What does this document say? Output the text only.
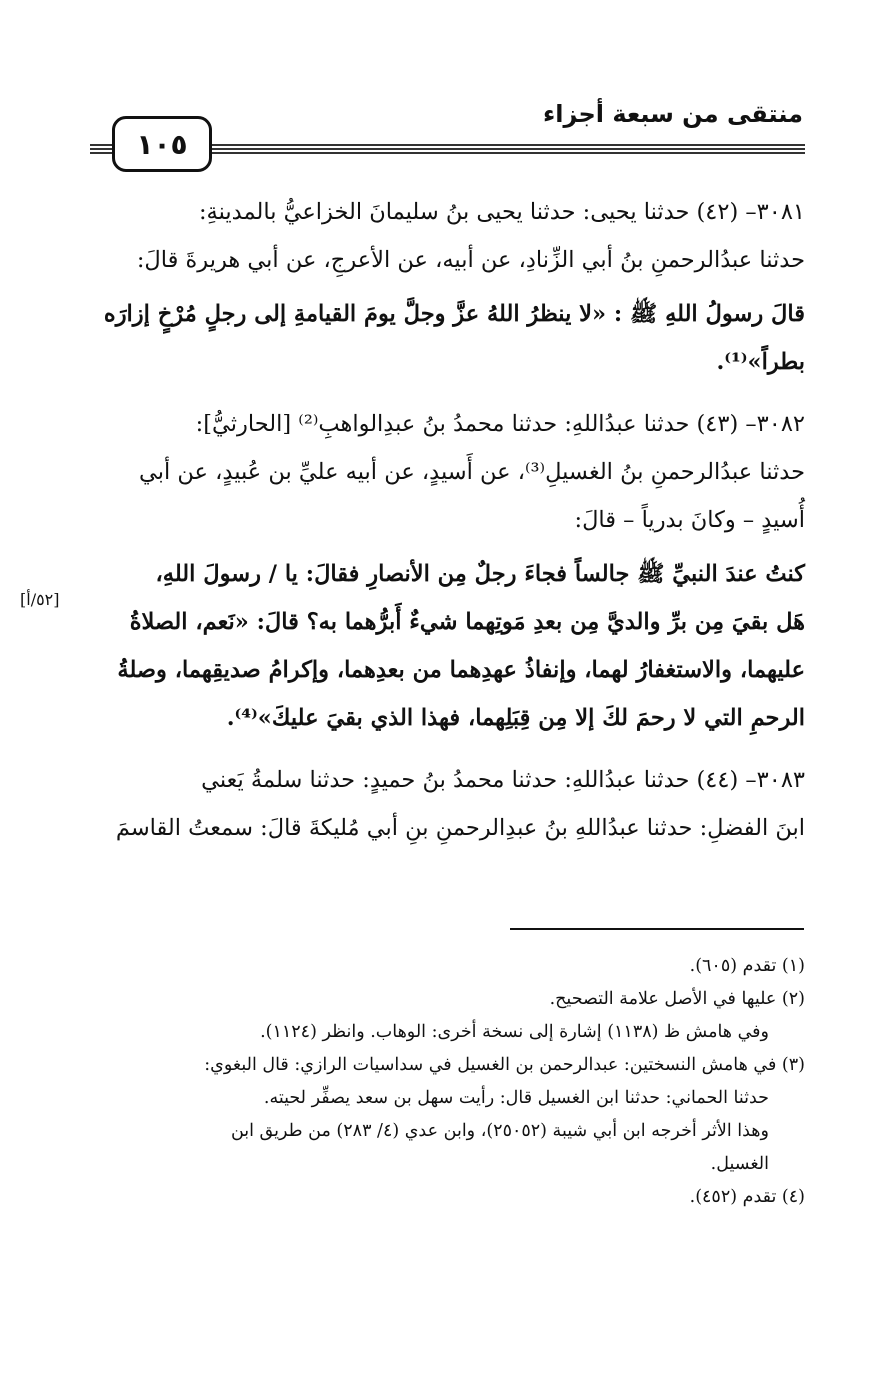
منتقى من سبعة أجزاء
١٠٥

٣٠٨١– (٤٢) حدثنا يحيى: حدثنا يحيى بنُ سليمانَ الخزاعيُّ بالمدينةِ:
حدثنا عبدُالرحمنِ بنُ أبي الزِّنادِ، عن أبيه، عن الأعرجِ، عن أبي هريرةَ قالَ:

قالَ رسولُ اللهِ ﷺ : «لا ينظرُ اللهُ عزَّ وجلَّ يومَ القيامةِ إلى رجلٍ مُرْخٍ إزارَه
بطراً»⁽¹⁾.

٣٠٨٢– (٤٣) حدثنا عبدُاللهِ: حدثنا محمدُ بنُ عبدِالواهبِ⁽²⁾ [الحارثيُّ]:
حدثنا عبدُالرحمنِ بنُ الغسيلِ⁽³⁾، عن أَسيدٍ، عن أبيه عليِّ بن عُبيدٍ، عن أبي
أُسيدٍ – وكانَ بدرياً – قالَ:

كنتُ عندَ النبيِّ ﷺ جالساً فجاءَ رجلٌ مِن الأنصارِ فقالَ: يا / رسولَ اللهِ،
هَل بقيَ مِن برِّ والديَّ مِن بعدِ مَوتِهما شيءٌ أَبرُّهما به؟ قالَ: «نَعم، الصلاةُ
عليهما، والاستغفارُ لهما، وإنفاذُ عهدِهما من بعدِهما، وإكرامُ صديقِهما، وصلةُ
الرحمِ التي لا رحمَ لكَ إلا مِن قِبَلِهما، فهذا الذي بقيَ عليكَ»⁽⁴⁾.

٣٠٨٣– (٤٤) حدثنا عبدُاللهِ: حدثنا محمدُ بنُ حميدٍ: حدثنا سلمةُ يَعني
ابنَ الفضلِ: حدثنا عبدُاللهِ بنُ عبدِالرحمنِ بنِ أبي مُليكةَ قالَ: سمعتُ القاسمَ

[٥٢/أ]
(١) تقدم (٦٠٥).
(٢) عليها في الأصل علامة التصحيح.
وفي هامش ظ (١١٣٨) إشارة إلى نسخة أخرى: الوهاب. وانظر (١١٢٤).
(٣) في هامش النسختين: عبدالرحمن بن الغسيل في سداسيات الرازي: قال البغوي:
حدثنا الحماني: حدثنا ابن الغسيل قال: رأيت سهل بن سعد يصفِّر لحيته.
وهذا الأثر أخرجه ابن أبي شيبة (٢٥٠٥٢)، وابن عدي (٤/ ٢٨٣) من طريق ابن
الغسيل.
(٤) تقدم (٤٥٢).
